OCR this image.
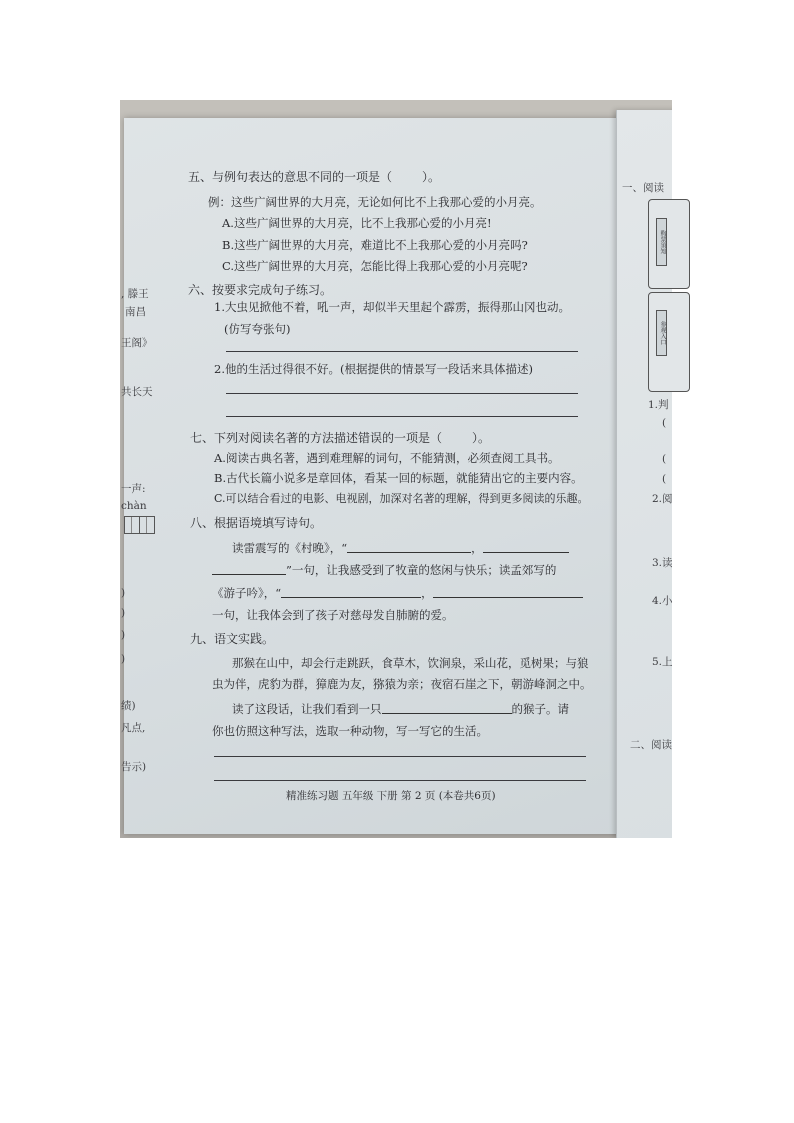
五、与例句表达的意思不同的一项是（	）。
例：这些广阔世界的大月亮，无论如何比不上我那心爱的小月亮。
A.这些广阔世界的大月亮，比不上我那心爱的小月亮!
B.这些广阔世界的大月亮，难道比不上我那心爱的小月亮吗?
C.这些广阔世界的大月亮，怎能比得上我那心爱的小月亮呢?
六、按要求完成句子练习。
1.大虫见掀他不着，吼一声，却似半天里起个霹雳，振得那山冈也动。
(仿写夸张句)
2.他的生活过得很不好。(根据提供的情景写一段话来具体描述)
七、下列对阅读名著的方法描述错误的一项是（	）。
A.阅读古典名著，遇到难理解的词句，不能猜测，必须查阅工具书。
B.古代长篇小说多是章回体，看某一回的标题，就能猜出它的主要内容。
C.可以结合看过的电影、电视剧，加深对名著的理解，得到更多阅读的乐趣。
八、根据语境填写诗句。
读雷震写的《村晚》，“	，
”一句，让我感受到了牧童的悠闲与快乐；读孟郊写的
《游子吟》，“	，
一句，让我体会到了孩子对慈母发自肺腑的爱。
九、语文实践。
那猴在山中，却会行走跳跃，食草木，饮涧泉，采山花，觅树果；与狼
虫为伴，虎豹为群，獐鹿为友，猕猿为亲；夜宿石崖之下，朝游峰洞之中。
读了这段话，让我们看到一只	的猴子。请
你也仿照这种写法，选取一种动物，写一写它的生活。
精准练习题 五年级 下册 第 2 页 (本卷共6页)
, 滕王
南昌
王阁》
共长天
一声:
chàn
)
)
)
)
绩)
凡点,
告示)
一、阅读
购票須知
参观入口
1.判
(
(
(
2.阅
3.读
4.小
5.上
二、阅读
